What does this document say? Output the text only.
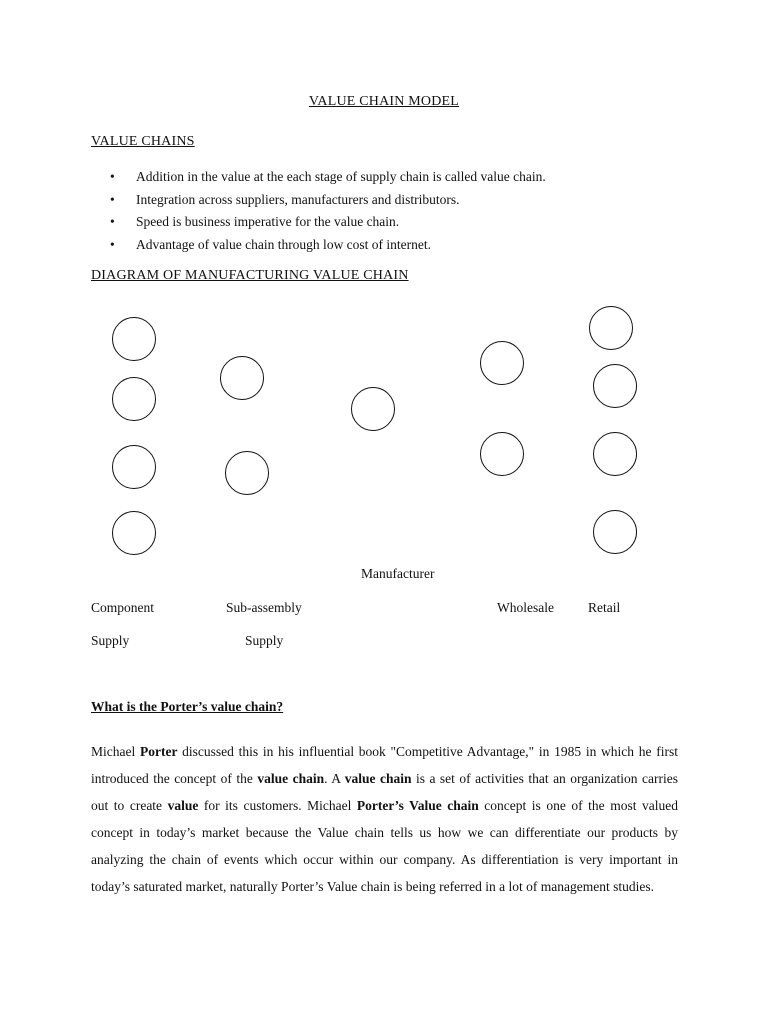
VALUE CHAIN MODEL
VALUE CHAINS
• Addition in the value at the each stage of supply chain is called value chain.
• Integration across suppliers, manufacturers and distributors.
• Speed is business imperative for the value chain.
• Advantage of value chain through low cost of internet.
DIAGRAM OF MANUFACTURING VALUE CHAIN
Manufacturer
Component	Sub-assembly	Wholesale	Retail
Supply	Supply
What is the Porter’s value chain?

Michael Porter discussed this in his influential book "Competitive Advantage," in 1985 in which he first introduced the concept of the value chain. A value chain is a set of activities that an organization carries out to create value for its customers. Michael Porter’s Value chain concept is one of the most valued concept in today’s market because the Value chain tells us how we can differentiate our products by analyzing the chain of events which occur within our company. As differentiation is very important in today’s saturated market, naturally Porter’s Value chain is being referred in a lot of management studies.
